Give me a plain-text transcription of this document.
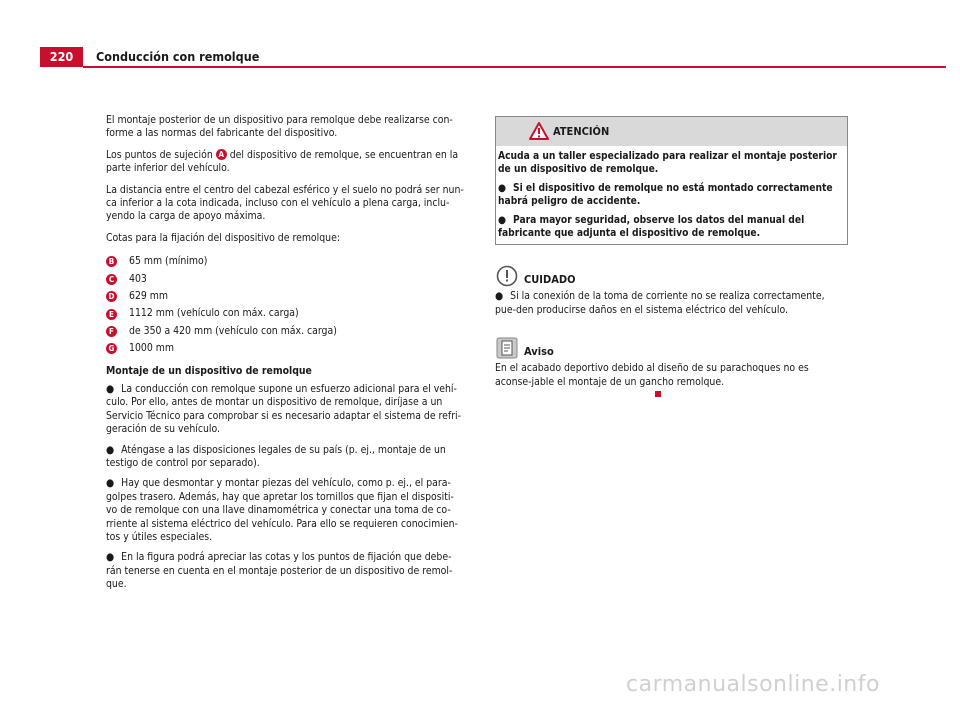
220	Conducción con remolque

El montaje posterior de un dispositivo para remolque debe realizarse con-forme a las normas del fabricante del dispositivo.

Los puntos de sujeción A del dispositivo de remolque, se encuentran en la parte inferior del vehículo.

La distancia entre el centro del cabezal esférico y el suelo no podrá ser nun-ca inferior a la cota indicada, incluso con el vehículo a plena carga, inclu-yendo la carga de apoyo máxima.

Cotas para la fijación del dispositivo de remolque:

B 65 mm (mínimo)
C 403
D 629 mm
E 1112 mm (vehículo con máx. carga)
F de 350 a 420 mm (vehículo con máx. carga)
G 1000 mm
Montaje de un dispositivo de remolque

● La conducción con remolque supone un esfuerzo adicional para el vehí-culo. Por ello, antes de montar un dispositivo de remolque, diríjase a un Servicio Técnico para comprobar si es necesario adaptar el sistema de refri-geración de su vehículo.

● Aténgase a las disposiciones legales de su país (p. ej., montaje de un testigo de control por separado).

● Hay que desmontar y montar piezas del vehículo, como p. ej., el para-golpes trasero. Además, hay que apretar los tornillos que fijan el dispositi-vo de remolque con una llave dinamométrica y conectar una toma de co-rriente al sistema eléctrico del vehículo. Para ello se requieren conocimien-tos y útiles especiales.

● En la figura podrá apreciar las cotas y los puntos de fijación que debe-rán tenerse en cuenta en el montaje posterior de un dispositivo de remol-que.

ATENCIÓN

Acuda a un taller especializado para realizar el montaje posterior de un dispositivo de remolque.

● Si el dispositivo de remolque no está montado correctamente habrá peligro de accidente.

● Para mayor seguridad, observe los datos del manual del fabricante que adjunta el dispositivo de remolque.

CUIDADO

● Si la conexión de la toma de corriente no se realiza correctamente, pue-den producirse daños en el sistema eléctrico del vehículo.

Aviso

En el acabado deportivo debido al diseño de su parachoques no es aconse-jable el montaje de un gancho remolque.

carmanualsonline.info
